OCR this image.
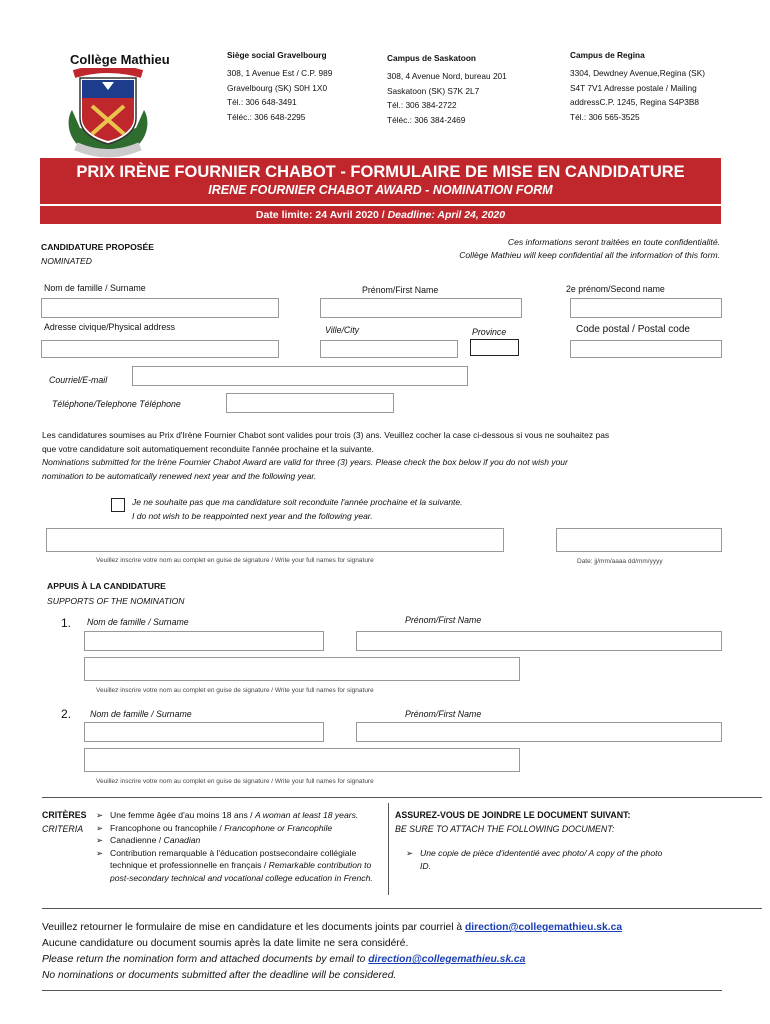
Collège Mathieu	Siège social Gravelbourg
308, 1 Avenue Est / C.P. 989
Gravelbourg (SK) S0H 1X0
Tél.: 306 648-3491
Téléc.: 306 648-2295
Campus de Saskatoon
308, 4 Avenue Nord, bureau 201
Saskatoon (SK) S7K 2L7
Tél.: 306 384-2722
Téléc.: 306 384-2469
Campus de Regina
3304, Dewdney Avenue,Regina (SK)
S4T 7V1 Adresse postale / Mailing
addressC.P. 1245, Regina S4P3B8
Tél.: 306 565-3525
PRIX IRÈNE FOURNIER CHABOT - FORMULAIRE DE MISE EN CANDIDATURE
IRENE FOURNIER CHABOT AWARD - NOMINATION FORM
Date limite: 24 Avril 2020 / Deadline: April 24, 2020
CANDIDATURE PROPOSÉE
NOMINATED
Ces informations seront traitées en toute confidentialité.
Collège Mathieu will keep confidential all the information of this form.
Nom de famille / Surname	Prénom/First Name	2e prénom/Second name
Adresse civique/Physical address	Ville/City	Province	Code postal / Postal code
Courriel/E-mail
Téléphone/Telephone Téléphone
Les candidatures soumises au Prix d'Irène Fournier Chabot sont valides pour trois (3) ans. Veuillez cocher la case ci-dessous si vous ne souhaitez pas
que votre candidature soit automatiquement reconduite l'année prochaine et la suivante.
Nominations submitted for the Irène Fournier Chabot Award are valid for three (3) years. Please check the box below if you do not wish your
nomination to be automatically renewed next year and the following year.
Je ne souhaite pas que ma candidature soit reconduite l'année prochaine et la suivante.
I do not wish to be reappointed next year and the following year.
Veuillez inscrire votre nom au complet en guise de signature / Write your full names for signature	Date: jj/mm/aaaa dd/mm/yyyy
APPUIS À LA CANDIDATURE
SUPPORTS OF THE NOMINATION
1. Nom de famille / Surname	Prénom/First Name
Veuillez inscrire votre nom au complet en guise de signature / Write your full names for signature
2. Nom de famille / Surname	Prénom/First Name
Veuillez inscrire votre nom au complet en guise de signature / Write your full names for signature
CRITÈRES
CRITERIA
➢ Une femme âgée d'au moins 18 ans / A woman at least 18 years.
➢ Francophone ou francophile / Francophone or Francophile
➢ Canadienne / Canadian
➢ Contribution remarquable à l'éducation postsecondaire collégiale technique et professionnelle en français / Remarkable contribution to post-secondary technical and vocational college education in French.
ASSUREZ-VOUS DE JOINDRE LE DOCUMENT SUIVANT:
BE SURE TO ATTACH THE FOLLOWING DOCUMENT:
➢ Une copie de pièce d'idententié avec photo/ A copy of the photo ID.
Veuillez retourner le formulaire de mise en candidature et les documents joints par courriel à direction@collegemathieu.sk.ca
Aucune candidature ou document soumis après la date limite ne sera considéré.
Please return the nomination form and attached documents by email to direction@collegemathieu.sk.ca
No nominations or documents submitted after the deadline will be considered.
